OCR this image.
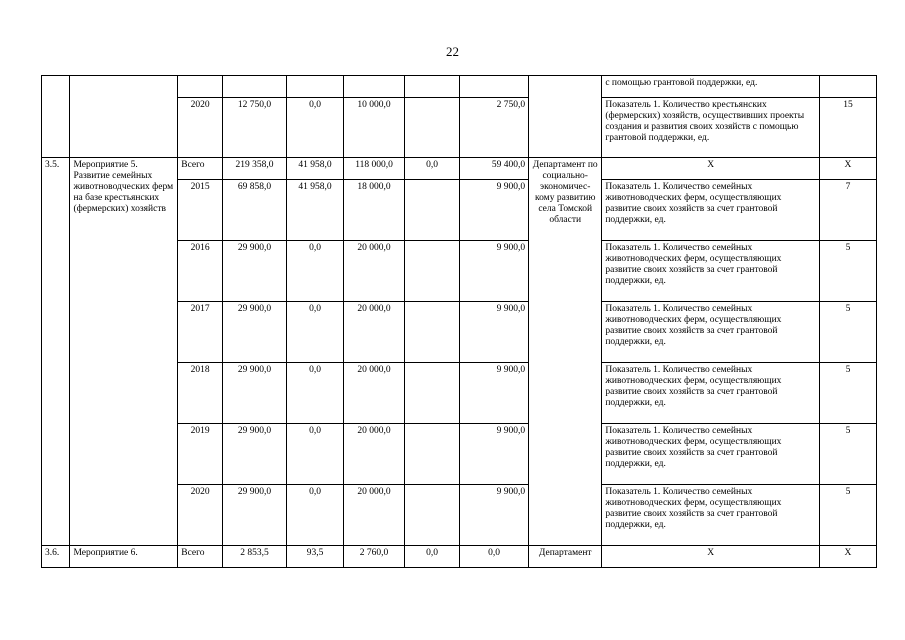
22
									с помощью грантовой поддержки, ед.	
		2020	12 750,0	0,0	10 000,0		2 750,0		Показатель 1. Количество крестьянских (фермерских) хозяйств, осуществивших проекты создания и развития своих хозяйств с помощью грантовой поддержки, ед.	15
3.5.	Мероприятие 5. Развитие семейных животноводческих ферм на базе крестьянских (фермерских) хозяйств	Всего	219 358,0	41 958,0	118 000,0	0,0	59 400,0	Департамент по социально-экономичес-кому развитию села Томской области	Х	Х
		2015	69 858,0	41 958,0	18 000,0		9 900,0		Показатель 1. Количество семейных животноводческих ферм, осуществляющих развитие своих хозяйств за счет грантовой поддержки, ед.	7
		2016	29 900,0	0,0	20 000,0		9 900,0		Показатель 1. Количество семейных животноводческих ферм, осуществляющих развитие своих хозяйств за счет грантовой поддержки, ед.	5
		2017	29 900,0	0,0	20 000,0		9 900,0		Показатель 1. Количество семейных животноводческих ферм, осуществляющих развитие своих хозяйств за счет грантовой поддержки, ед.	5
		2018	29 900,0	0,0	20 000,0		9 900,0		Показатель 1. Количество семейных животноводческих ферм, осуществляющих развитие своих хозяйств за счет грантовой поддержки, ед.	5
		2019	29 900,0	0,0	20 000,0		9 900,0		Показатель 1. Количество семейных животноводческих ферм, осуществляющих развитие своих хозяйств за счет грантовой поддержки, ед.	5
		2020	29 900,0	0,0	20 000,0		9 900,0		Показатель 1. Количество семейных животноводческих ферм, осуществляющих развитие своих хозяйств за счет грантовой поддержки, ед.	5
3.6.	Мероприятие 6.	Всего	2 853,5	93,5	2 760,0	0,0	0,0	Департамент	Х	Х
